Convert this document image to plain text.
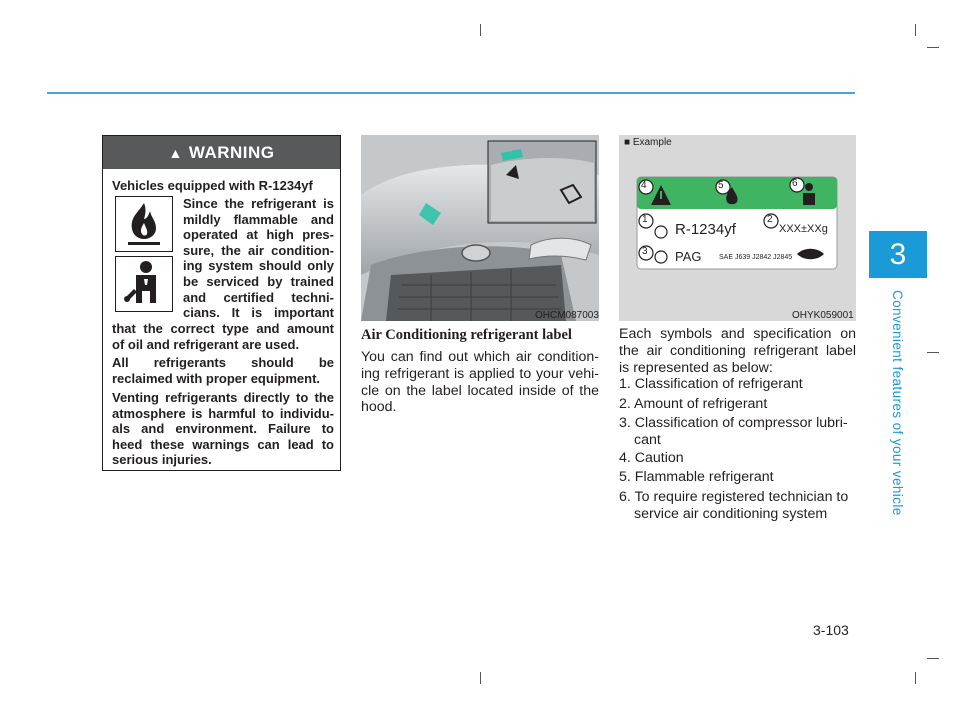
3
Convenient features of your vehicle
▲ WARNING
Vehicles equipped with R-1234yf
Since the refrigerant is
mildly flammable and
operated at high pres-
sure, the air condition-
ing system should only
be serviced by trained
and certified techni-
cians. It is important
that the correct type and amount
of oil and refrigerant are used.
All refrigerants should be
reclaimed with proper equipment.
Venting refrigerants directly to the
atmosphere is harmful to individu-
als and environment. Failure to
heed these warnings can lead to
serious injuries.
OHCM087003
■ Example
4	5	6
1	2
3
R-1234yf	XXX±XXg
PAG	SAE J639 J2842 J2845
OHYK059001
Air Conditioning refrigerant label
You can find out which air condition-
ing refrigerant is applied to your vehi-
cle on the label located inside of the
hood.
Each symbols and specification on
the air conditioning refrigerant label
is represented as below:
1. Classification of refrigerant
2. Amount of refrigerant
3. Classification of compressor lubri-
cant
4. Caution
5. Flammable refrigerant
6. To require registered technician to
service air conditioning system
3-103
